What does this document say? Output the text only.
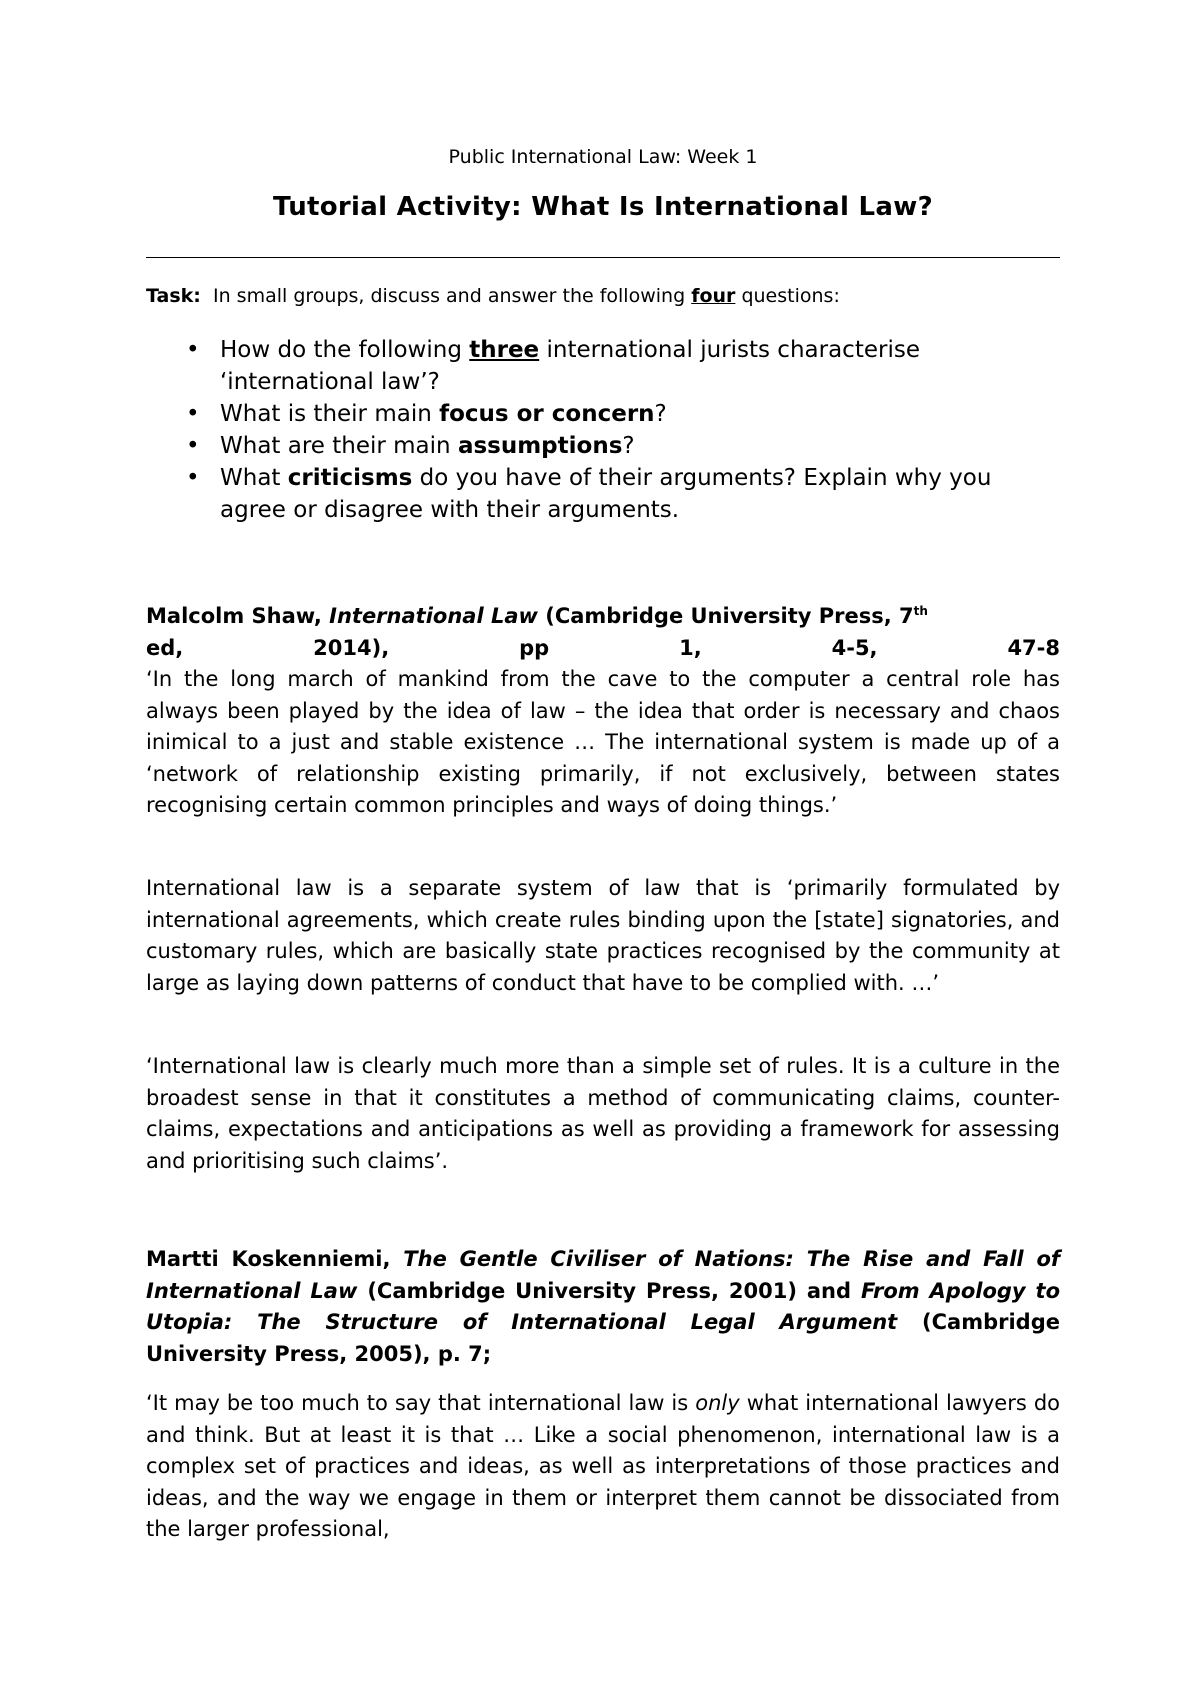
Public International Law: Week 1
Tutorial Activity: What Is International Law?
Task: In small groups, discuss and answer the following four questions:
• How do the following three international jurists characterise
‘international law’?
• What is their main focus or concern?
• What are their main assumptions?
• What criticisms do you have of their arguments? Explain why you agree or disagree with their arguments.

Malcolm Shaw, International Law (Cambridge University Press, 7th
ed, 2014), pp 1, 4-5, 47-8

‘In the long march of mankind from the cave to the computer a central role has always been played by the idea of law – the idea that order is necessary and chaos inimical to a just and stable existence … The international system is made up of a ‘network of relationship existing primarily, if not exclusively, between states recognising certain common principles and ways of doing things.’

International law is a separate system of law that is ‘primarily formulated by international agreements, which create rules binding upon the [state] signatories, and customary rules, which are basically state practices recognised by the community at large as laying down patterns of conduct that have to be complied with. …’

‘International law is clearly much more than a simple set of rules. It is a culture in the broadest sense in that it constitutes a method of communicating claims, counter-claims, expectations and anticipations as well as providing a framework for assessing and prioritising such claims’.

Martti Koskenniemi, The Gentle Civiliser of Nations: The Rise and Fall of International Law (Cambridge University Press, 2001) and From Apology to Utopia: The Structure of International Legal Argument (Cambridge University Press, 2005), p. 7;

‘It may be too much to say that international law is only what international lawyers do and think. But at least it is that … Like a social phenomenon, international law is a complex set of practices and ideas, as well as interpretations of those practices and ideas, and the way we engage in them or interpret them cannot be dissociated from the larger professional,
